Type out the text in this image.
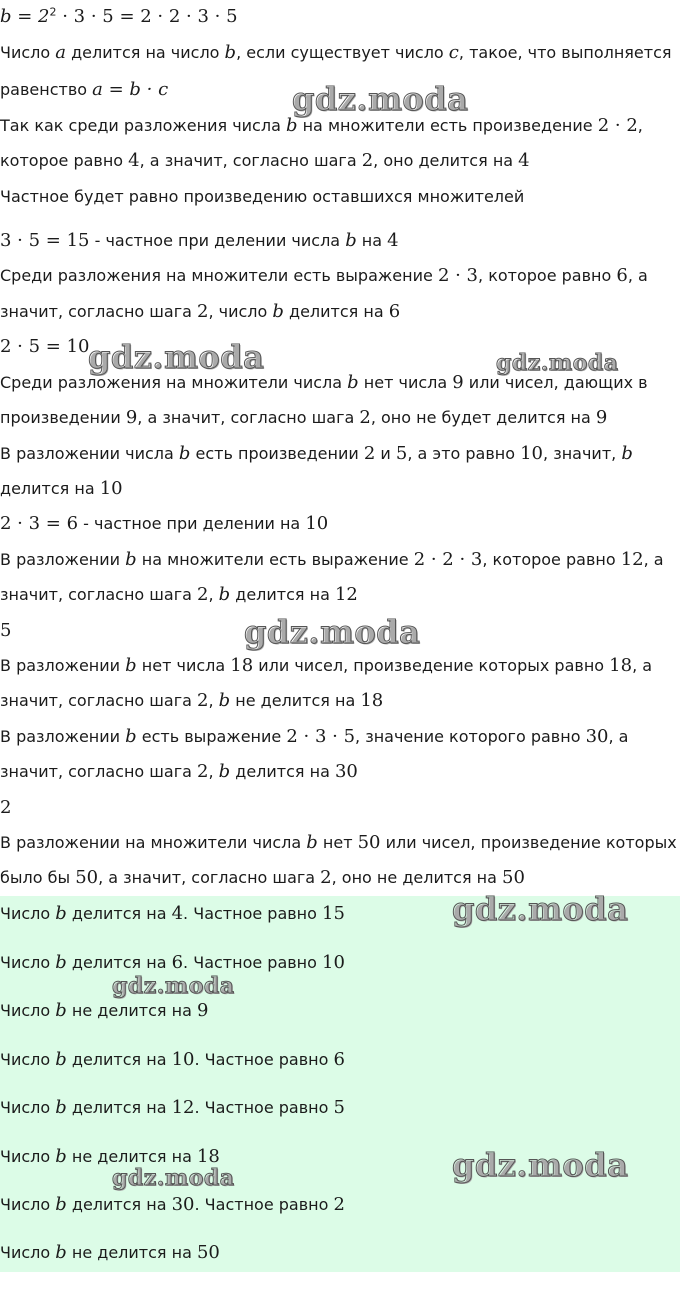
$b = 2^2 \cdot 3 \cdot 5 = 2 \cdot 2 \cdot 3 \cdot 5$
Число a делится на число b, если существует число c, такое, что выполняется
равенство a = b · c
Так как среди разложения числа b на множители есть произведение 2 · 2,
которое равно 4, а значит, согласно шага 2, оно делится на 4
Частное будет равно произведению оставшихся множителей
3 · 5 = 15 - частное при делении числа b на 4
Среди разложения на множители есть выражение 2 · 3, которое равно 6, а
значит, согласно шага 2, число b делится на 6
2 · 5 = 10
Среди разложения на множители числа b нет числа 9 или чисел, дающих в
произведении 9, а значит, согласно шага 2, оно не будет делится на 9
В разложении числа b есть произведении 2 и 5, а это равно 10, значит, b
делится на 10
2 · 3 = 6 - частное при делении на 10
В разложении b на множители есть выражение 2 · 2 · 3, которое равно 12, а
значит, согласно шага 2, b делится на 12
5
В разложении b нет числа 18 или чисел, произведение которых равно 18, а
значит, согласно шага 2, b не делится на 18
В разложении b есть выражение 2 · 3 · 5, значение которого равно 30, а
значит, согласно шага 2, b делится на 30
2
В разложении на множители числа b нет 50 или чисел, произведение которых
было бы 50, а значит, согласно шага 2, оно не делится на 50
Число b делится на 4. Частное равно 15
Число b делится на 6. Частное равно 10
Число b не делится на 9
Число b делится на 10. Частное равно 6
Число b делится на 12. Частное равно 5
Число b не делится на 18
Число b делится на 30. Частное равно 2
Число b не делится на 50
gdz.moda
gdz.moda	gdz.moda
gdz.moda
